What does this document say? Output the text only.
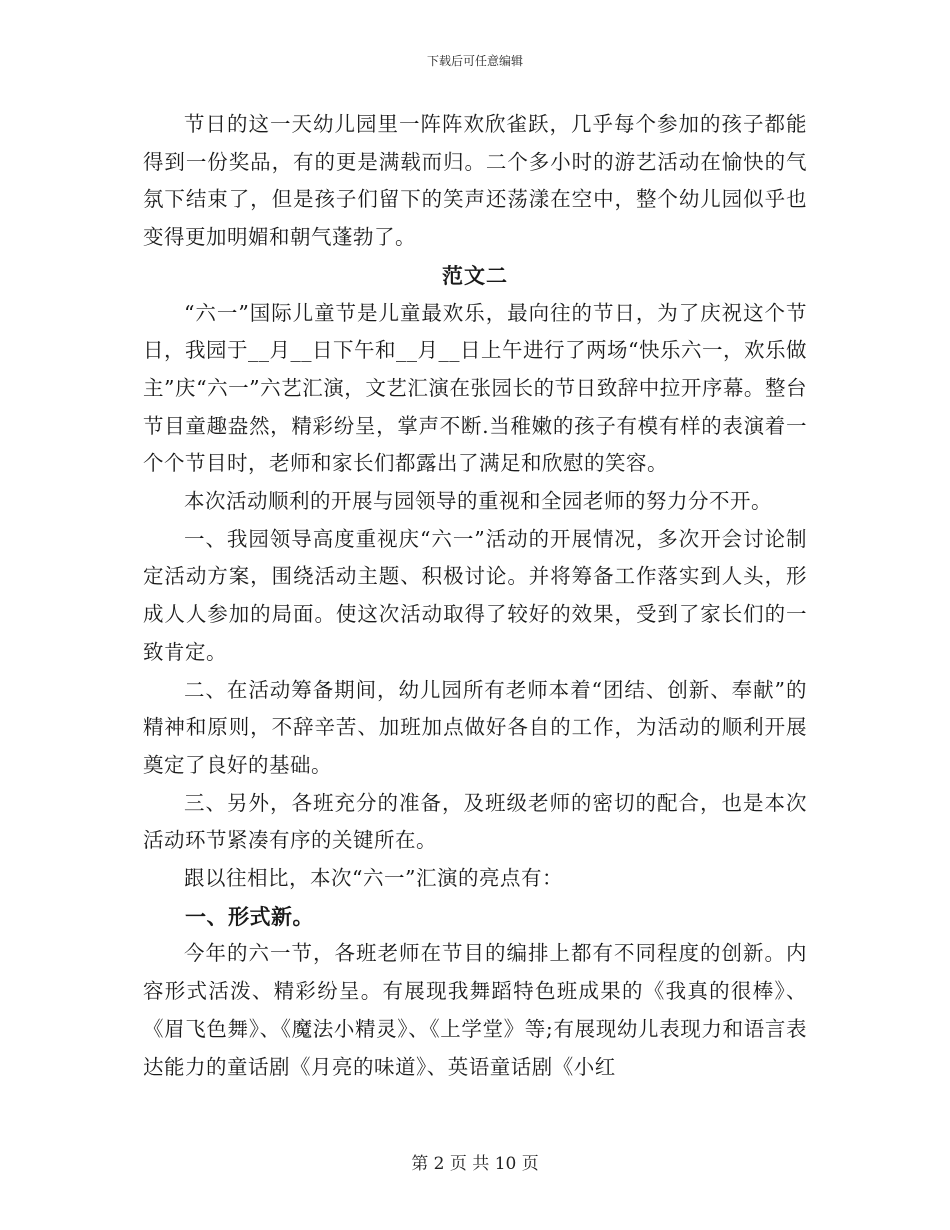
下载后可任意编辑

节日的这一天幼儿园里一阵阵欢欣雀跃，几乎每个参加的孩子都能得到一份奖品，有的更是满载而归。二个多小时的游艺活动在愉快的气氛下结束了，但是孩子们留下的笑声还荡漾在空中，整个幼儿园似乎也变得更加明媚和朝气蓬勃了。

范文二

“六一”国际儿童节是儿童最欢乐，最向往的节日，为了庆祝这个节日，我园于__月__日下午和__月__日上午进行了两场“快乐六一，欢乐做主”庆“六一”六艺汇演，文艺汇演在张园长的节日致辞中拉开序幕。整台节目童趣盎然，精彩纷呈，掌声不断.当稚嫩的孩子有模有样的表演着一个个节目时，老师和家长们都露出了满足和欣慰的笑容。

本次活动顺利的开展与园领导的重视和全园老师的努力分不开。

一、我园领导高度重视庆“六一”活动的开展情况，多次开会讨论制定活动方案，围绕活动主题、积极讨论。并将筹备工作落实到人头，形成人人参加的局面。使这次活动取得了较好的效果，受到了家长们的一致肯定。

二、在活动筹备期间，幼儿园所有老师本着“团结、创新、奉献”的精神和原则，不辞辛苦、加班加点做好各自的工作，为活动的顺利开展奠定了良好的基础。

三、另外，各班充分的准备，及班级老师的密切的配合，也是本次活动环节紧凑有序的关键所在。

跟以往相比，本次“六一”汇演的亮点有：

一、形式新。

今年的六一节，各班老师在节目的编排上都有不同程度的创新。内容形式活泼、精彩纷呈。有展现我舞蹈特色班成果的《我真的很棒》、《眉飞色舞》、《魔法小精灵》、《上学堂》等;有展现幼儿表现力和语言表达能力的童话剧《月亮的味道》、英语童话剧《小红

第 2 页 共 10 页
